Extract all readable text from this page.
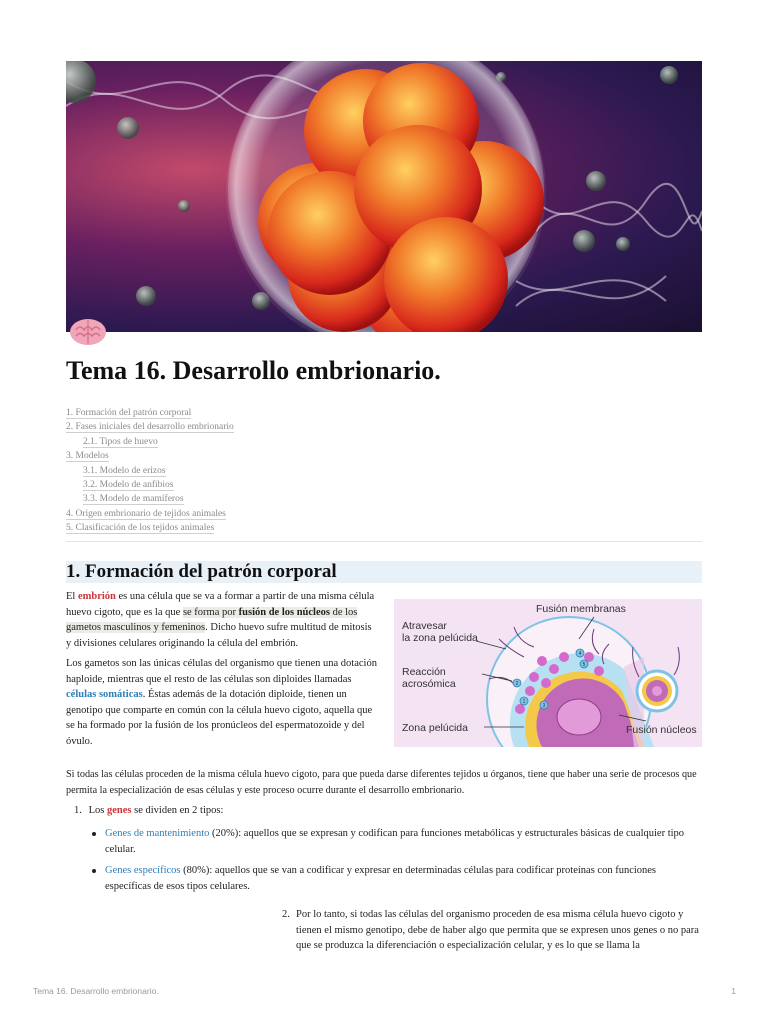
Tema 16. Desarrollo embrionario.
1. Formación del patrón corporal
2. Fases iniciales del desarrollo embrionario
2.1. Tipos de huevo
3. Modelos
3.1. Modelo de erizos
3.2. Modelo de anfibios
3.3. Modelo de mamíferos
4. Origen embrionario de tejidos animales
5. Clasificación de los tejidos animales
1. Formación del patrón corporal

El embrión es una célula que se va a formar a partir de una misma célula huevo cigoto, que es la que se forma por fusión de los núcleos de los gametos masculinos y femeninos. Dicho huevo sufre multitud de mitosis y divisiones celulares originando la célula del embrión.

Los gametos son las únicas células del organismo que tienen una dotación haploide, mientras que el resto de las células son diploides llamadas células somáticas. Éstas además de la dotación diploide, tienen un genotipo que comparte en común con la célula huevo cigoto, aquella que se ha formado por la fusión de los pronúcleos del espermatozoide y del óvulo.

1
2
3
4
5
Fusión membranas
Atravesar
la zona pelúcida
Reacción
acrosómica
Zona pelúcida	Fusión núcleos

Si todas las células proceden de la misma célula huevo cigoto, para que pueda darse diferentes tejidos u órganos, tiene que haber una serie de procesos que permita la especialización de esas células y este proceso ocurre durante el desarrollo embrionario.

1. Los genes se dividen en 2 tipos:
Genes de mantenimiento (20%): aquellos que se expresan y codifican para funciones metabólicas y estructurales básicas de cualquier tipo celular.
Genes específicos (80%): aquellos que se van a codificar y expresar en determinadas células para codificar proteínas con funciones específicas de esos tipos celulares.
2. Por lo tanto, si todas las células del organismo proceden de esa misma célula huevo cigoto y tienen el mismo genotipo, debe de haber algo que permita que se expresen unos genes o no para que se produzca la diferenciación o especialización celular, y es lo que se llama la
Tema 16. Desarrollo embrionario.	1
